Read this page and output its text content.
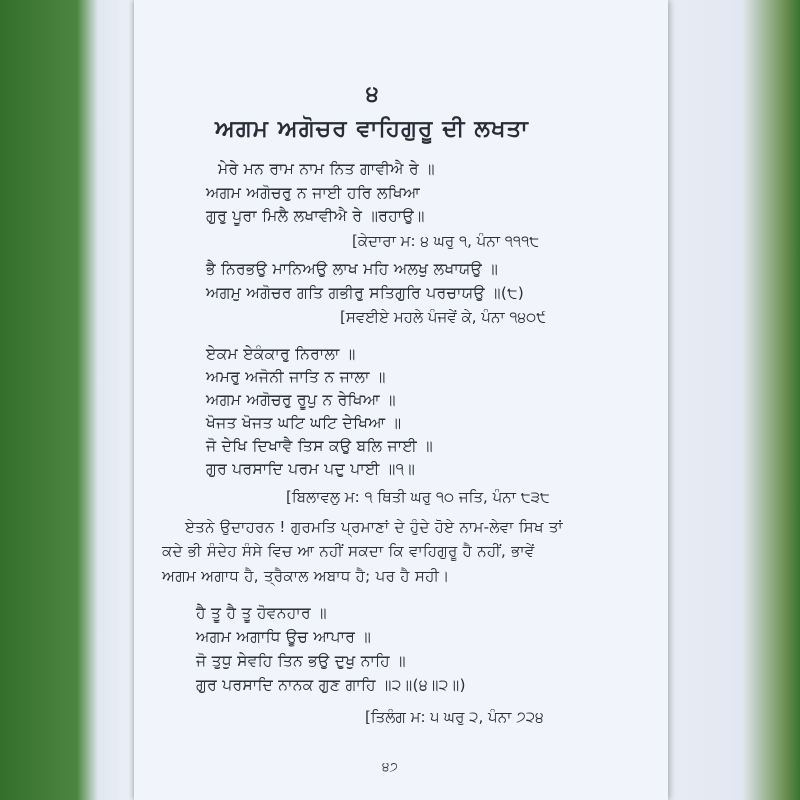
੪
ਅਗਮ ਅਗੋਚਰ ਵਾਹਿਗੁਰੂ ਦੀ ਲਖਤਾ
ਮੇਰੇ ਮਨ ਰਾਮ ਨਾਮ ਨਿਤ ਗਾਵੀਐ ਰੇ ॥
ਅਗਮ ਅਗੋਚਰੁ ਨ ਜਾਈ ਹਰਿ ਲਖਿਆ
ਗੁਰੁ ਪੂਰਾ ਮਿਲੈ ਲਖਾਵੀਐ ਰੇ ॥ਰਹਾਉ॥
[ਕੇਦਾਰਾ ਮ: ੪ ਘਰੁ ੧, ਪੰਨਾ ੧੧੧੮
ਭੈ ਨਿਰਭਉ ਮਾਨਿਅਉ ਲਾਖ ਮਹਿ ਅਲਖੁ ਲਖਾਯਉ ॥
ਅਗਮੁ ਅਗੋਚਰ ਗਤਿ ਗਭੀਰੁ ਸਤਿਗੁਰਿ ਪਰਚਾਯਉ ॥(੮)
[ਸਵਈਏ ਮਹਲੇ ਪੰਜਵੇਂ ਕੇ, ਪੰਨਾ ੧੪੦੯
ਏਕਮ ਏਕੰਕਾਰੁ ਨਿਰਾਲਾ ॥
ਅਮਰੁ ਅਜੋਨੀ ਜਾਤਿ ਨ ਜਾਲਾ ॥
ਅਗਮ ਅਗੋਚਰੁ ਰੂਪੁ ਨ ਰੇਖਿਆ ॥
ਖੋਜਤ ਖੋਜਤ ਘਟਿ ਘਟਿ ਦੇਖਿਆ ॥
ਜੋ ਦੇਖਿ ਦਿਖਾਵੈ ਤਿਸ ਕਉ ਬਲਿ ਜਾਈ ॥
ਗੁਰ ਪਰਸਾਦਿ ਪਰਮ ਪਦੁ ਪਾਈ ॥੧॥
[ਬਿਲਾਵਲੁ ਮ: ੧ ਥਿਤੀ ਘਰੁ ੧੦ ਜਤਿ, ਪੰਨਾ ੮੩੮
ਏਤਨੇ ਉਦਾਹਰਨ ! ਗੁਰਮਤਿ ਪ੍ਰਮਾਣਾਂ ਦੇ ਹੁੰਦੇ ਹੋਏ ਨਾਮ-ਲੇਵਾ ਸਿਖ ਤਾਂ
ਕਦੇ ਭੀ ਸੰਦੇਹ ਸੰਸੇ ਵਿਚ ਆ ਨਹੀਂ ਸਕਦਾ ਕਿ ਵਾਹਿਗੁਰੂ ਹੈ ਨਹੀਂ, ਭਾਵੇਂ
ਅਗਮ ਅਗਾਧ ਹੈ, ਤ੍ਰੈਕਾਲ ਅਬਾਧ ਹੈ; ਪਰ ਹੈ ਸਹੀ।
ਹੈ ਤੂ ਹੈ ਤੂ ਹੋਵਨਹਾਰ ॥
ਅਗਮ ਅਗਾਧਿ ਊਚ ਆਪਾਰ ॥
ਜੋ ਤੁਧੁ ਸੇਵਹਿ ਤਿਨ ਭਉ ਦੁਖੁ ਨਾਹਿ ॥
ਗੁਰ ਪਰਸਾਦਿ ਨਾਨਕ ਗੁਣ ਗਾਹਿ ॥੨॥(੪॥੨॥)
[ਤਿਲੰਗ ਮ: ੫ ਘਰੁ ੨, ਪੰਨਾ ੭੨੪
੪੭
